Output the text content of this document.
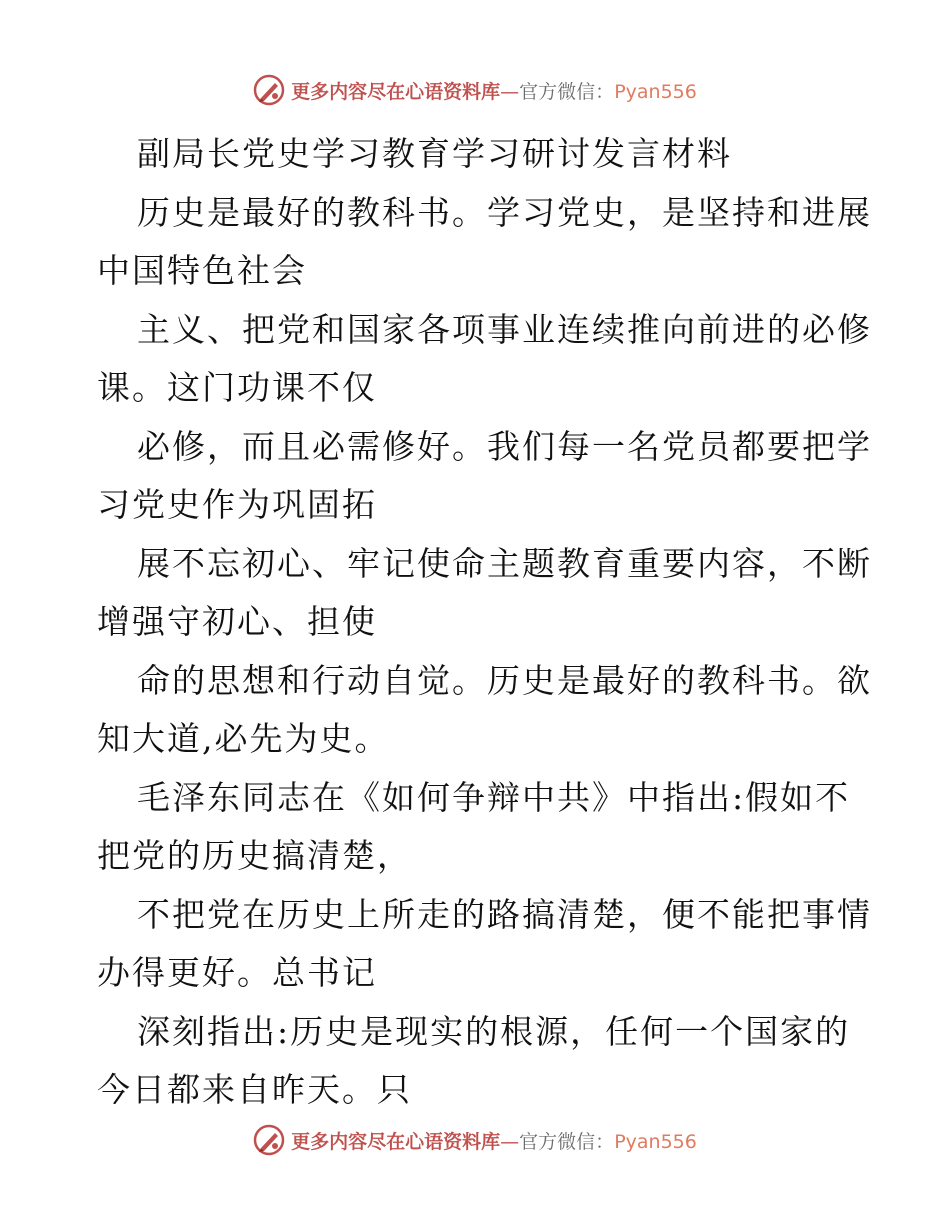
更多内容尽在心语资料库—官方微信：Pyan556
副局长党史学习教育学习研讨发言材料
历史是最好的教科书。学习党史，是坚持和进展
中国特色社会
主义、把党和国家各项事业连续推向前进的必修
课。这门功课不仅
必修，而且必需修好。我们每一名党员都要把学
习党史作为巩固拓
展不忘初心、牢记使命主题教育重要内容，不断
增强守初心、担使
命的思想和行动自觉。历史是最好的教科书。欲
知大道,必先为史。
毛泽东同志在《如何争辩中共》中指出:假如不
把党的历史搞清楚，
不把党在历史上所走的路搞清楚，便不能把事情
办得更好。总书记
深刻指出:历史是现实的根源，任何一个国家的
今日都来自昨天。只
更多内容尽在心语资料库—官方微信：Pyan556
